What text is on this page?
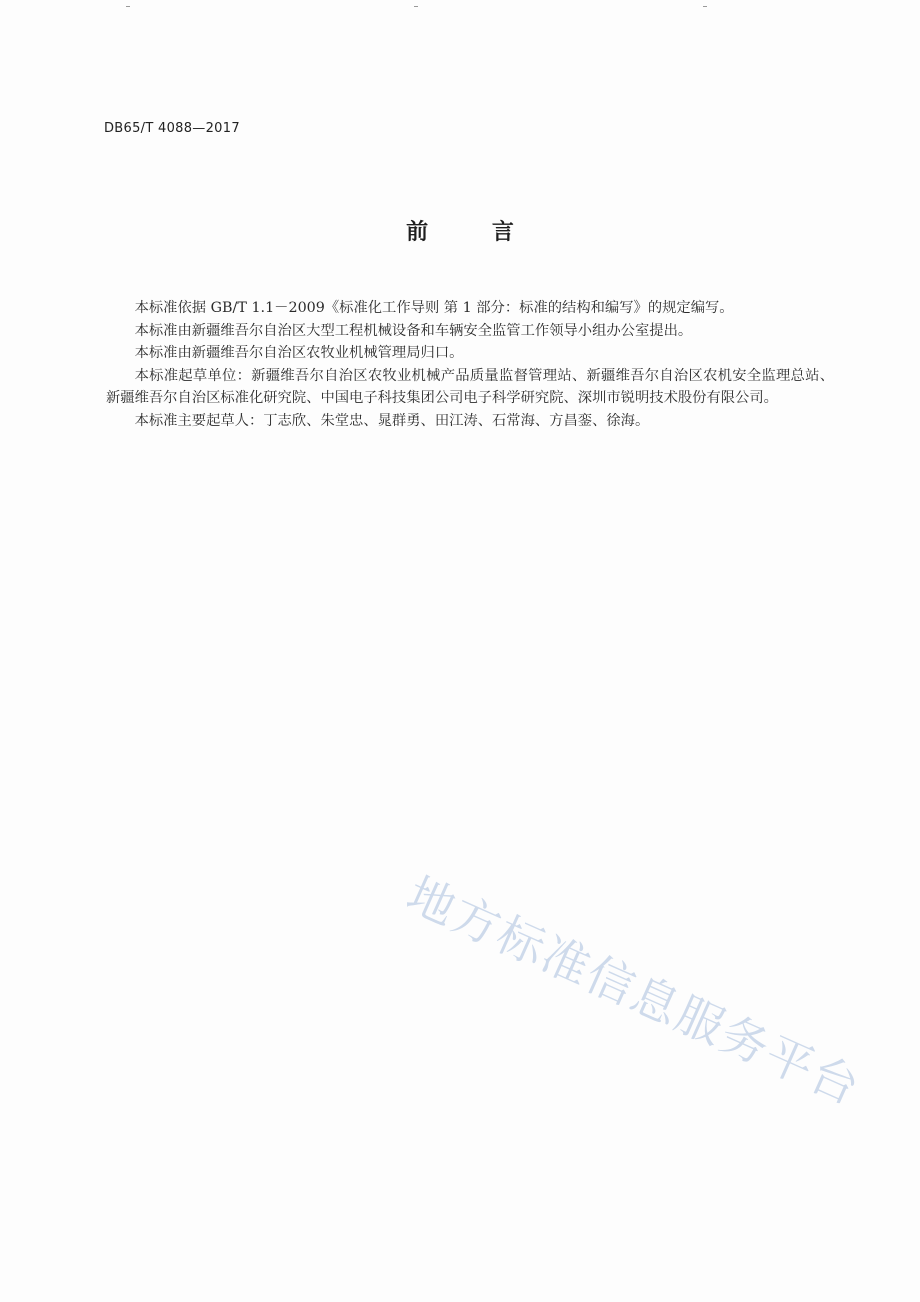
DB65/T 4088—2017
前 言

本标准依据 GB/T 1.1－2009《标准化工作导则 第 1 部分：标准的结构和编写》的规定编写。

本标准由新疆维吾尔自治区大型工程机械设备和车辆安全监管工作领导小组办公室提出。

本标准由新疆维吾尔自治区农牧业机械管理局归口。

本标准起草单位：新疆维吾尔自治区农牧业机械产品质量监督管理站、新疆维吾尔自治区农机安全监理总站、新疆维吾尔自治区标准化研究院、中国电子科技集团公司电子科学研究院、深圳市锐明技术股份有限公司。

本标准主要起草人：丁志欣、朱堂忠、晁群勇、田江涛、石常海、方昌銮、徐海。

地方标准信息服务平台
